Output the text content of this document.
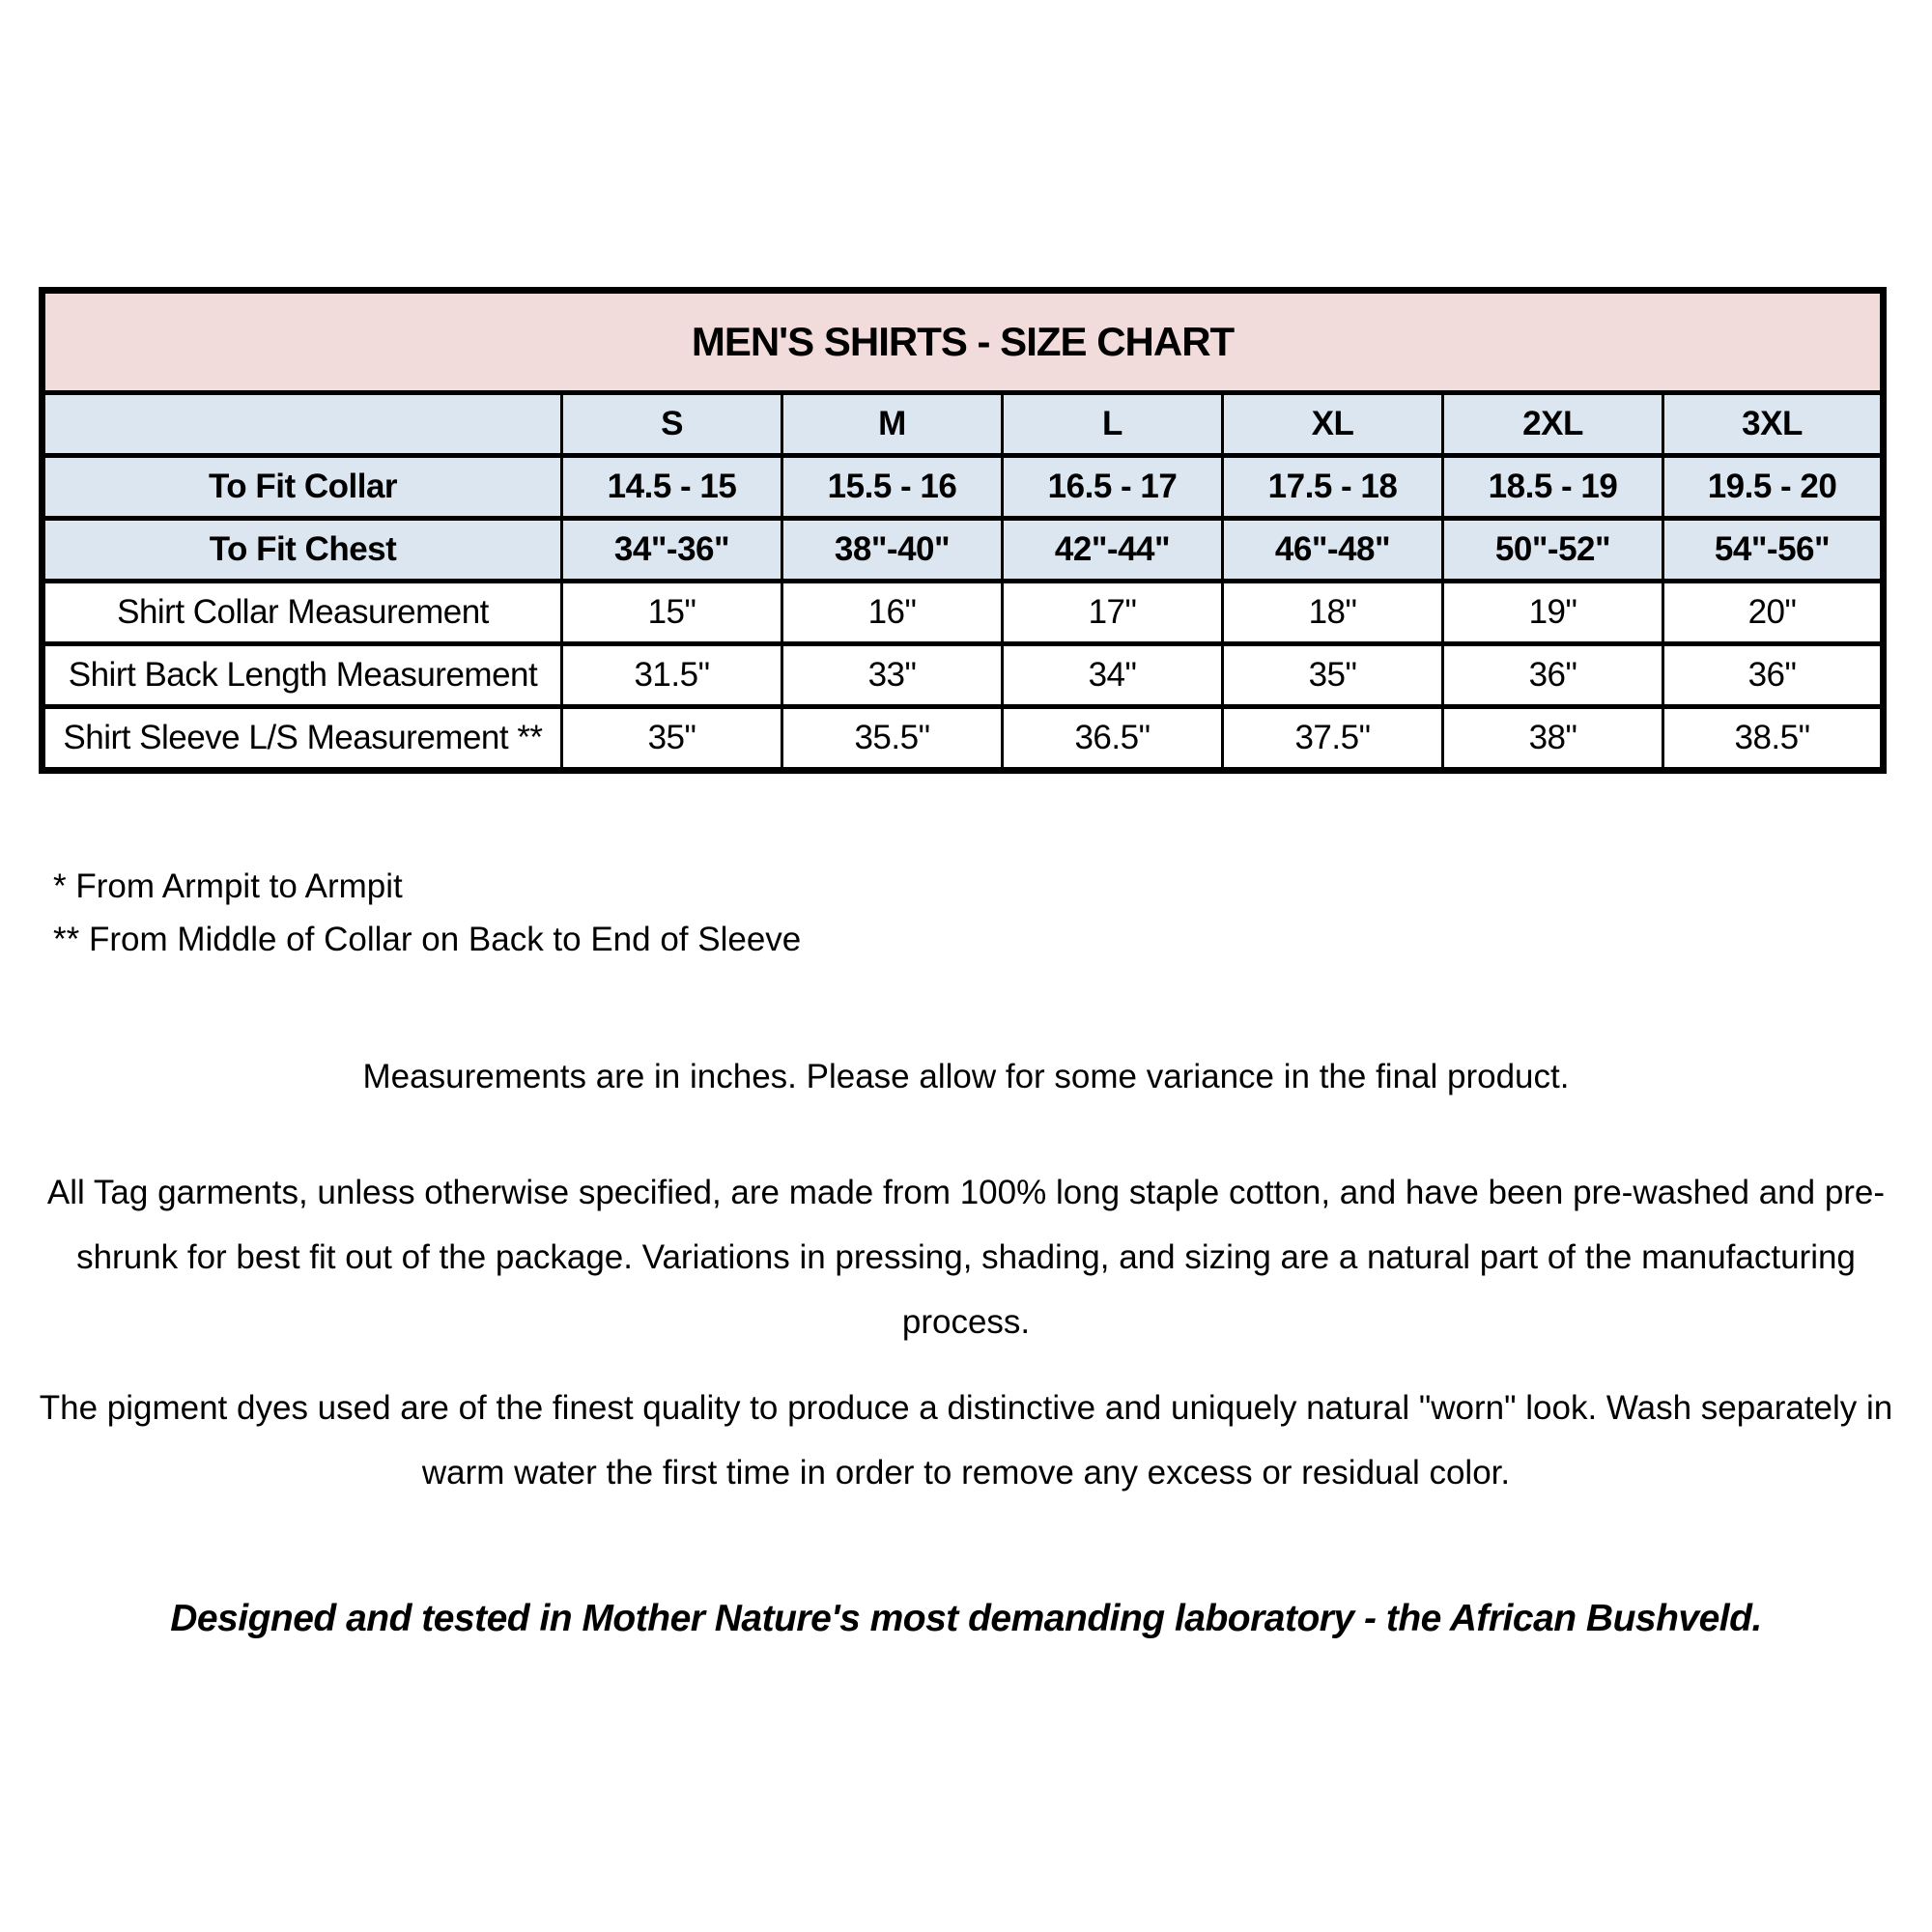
MEN'S SHIRTS - SIZE CHART						
	S	M	L	XL	2XL	3XL
To Fit Collar	14.5 - 15	15.5 - 16	16.5 - 17	17.5 - 18	18.5 - 19	19.5 - 20
To Fit Chest	34"-36"	38"-40"	42"-44"	46"-48"	50"-52"	54"-56"
Shirt Collar Measurement	15"	16"	17"	18"	19"	20"
Shirt Back Length Measurement	31.5"	33"	34"	35"	36"	36"
Shirt Sleeve L/S Measurement **	35"	35.5"	36.5"	37.5"	38"	38.5"
* From Armpit to Armpit
** From Middle of Collar on Back to End of Sleeve
Measurements are in inches. Please allow for some variance in the final product.
All Tag garments, unless otherwise specified, are made from 100% long staple cotton, and have been pre-washed and pre-
shrunk for best fit out of the package. Variations in pressing, shading, and sizing are a natural part of the manufacturing
process.
The pigment dyes used are of the finest quality to produce a distinctive and uniquely natural "worn" look. Wash separately in
warm water the first time in order to remove any excess or residual color.
Designed and tested in Mother Nature's most demanding laboratory - the African Bushveld.
